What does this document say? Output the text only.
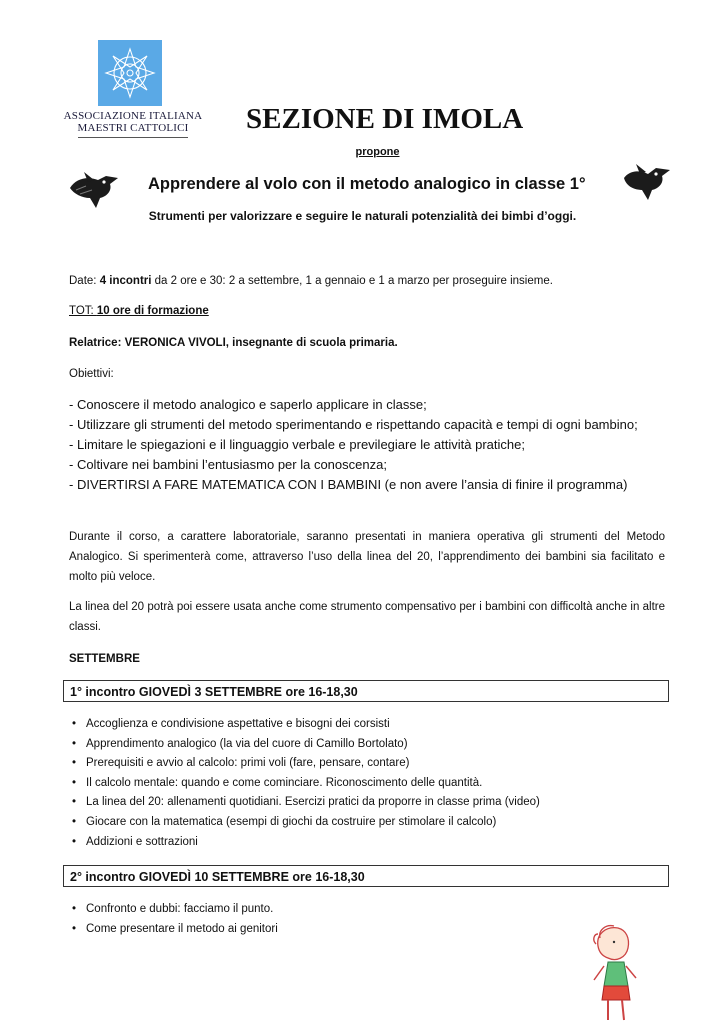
ASSOCIAZIONE ITALIANA
MAESTRI CATTOLICI	SEZIONE DI IMOLA
propone
Apprendere al volo con il metodo analogico in classe 1°
Strumenti per valorizzare e seguire le naturali potenzialità dei bimbi d’oggi.
Date: 4 incontri da 2 ore e 30: 2 a settembre, 1 a gennaio e 1 a marzo per proseguire insieme.
TOT: 10 ore di formazione
Relatrice: VERONICA VIVOLI, insegnante di scuola primaria.
Obiettivi:
- Conoscere il metodo analogico e saperlo applicare in classe;
- Utilizzare gli strumenti del metodo sperimentando e rispettando capacità e tempi di ogni bambino;
- Limitare le spiegazioni e il linguaggio verbale e previlegiare le attività pratiche;
- Coltivare nei bambini l’entusiasmo per la conoscenza;
- DIVERTIRSI A FARE MATEMATICA CON I BAMBINI (e non avere l’ansia di finire il programma)
Durante il corso, a carattere laboratoriale, saranno presentati in maniera operativa gli strumenti del Metodo Analogico. Si sperimenterà come, attraverso l’uso della linea del 20, l’apprendimento dei bambini sia facilitato e molto più veloce.
La linea del 20 potrà poi essere usata anche come strumento compensativo per i bambini con difficoltà anche in altre classi.
SETTEMBRE
1° incontro GIOVEDÌ 3 SETTEMBRE ore 16-18,30
• Accoglienza e condivisione aspettative e bisogni dei corsisti
• Apprendimento analogico (la via del cuore di Camillo Bortolato)
• Prerequisiti e avvio al calcolo: primi voli (fare, pensare, contare)
• Il calcolo mentale: quando e come cominciare. Riconoscimento delle quantità.
• La linea del 20: allenamenti quotidiani. Esercizi pratici da proporre in classe prima (video)
• Giocare con la matematica (esempi di giochi da costruire per stimolare il calcolo)
• Addizioni e sottrazioni
2° incontro GIOVEDÌ 10 SETTEMBRE ore 16-18,30
• Confronto e dubbi: facciamo il punto.
• Come presentare il metodo ai genitori
